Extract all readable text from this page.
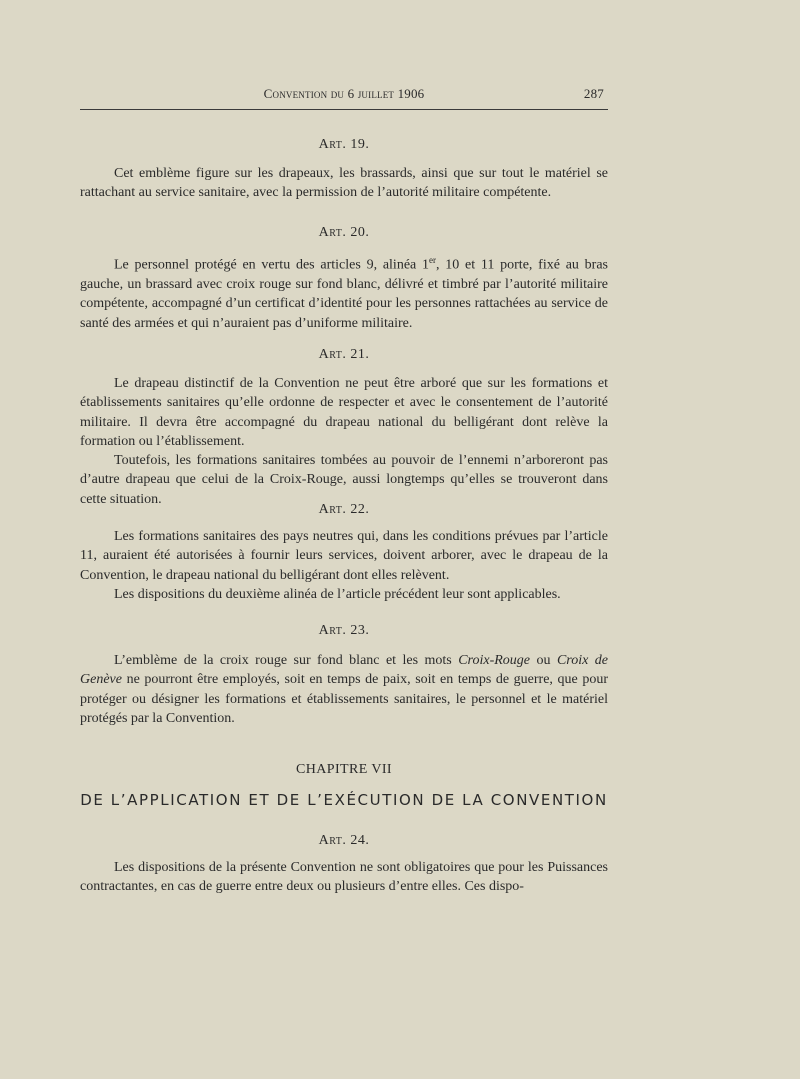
Convention du 6 juillet 1906	287
Art. 19.

Cet emblème figure sur les drapeaux, les brassards, ainsi que sur tout le matériel se rattachant au service sanitaire, avec la permission de l’autorité militaire compétente.

Art. 20.

Le personnel protégé en vertu des articles 9, alinéa 1er, 10 et 11 porte, fixé au bras gauche, un brassard avec croix rouge sur fond blanc, délivré et timbré par l’autorité militaire compétente, accompagné d’un certificat d’identité pour les personnes rattachées au service de santé des armées et qui n’auraient pas d’uniforme militaire.

Art. 21.

Le drapeau distinctif de la Convention ne peut être arboré que sur les formations et établissements sanitaires qu’elle ordonne de respecter et avec le consentement de l’autorité militaire. Il devra être accompagné du drapeau national du belligérant dont relève la formation ou l’établissement.

Toutefois, les formations sanitaires tombées au pouvoir de l’ennemi n’arboreront pas d’autre drapeau que celui de la Croix-Rouge, aussi longtemps qu’elles se trouveront dans cette situation.

Art. 22.

Les formations sanitaires des pays neutres qui, dans les conditions prévues par l’article 11, auraient été autorisées à fournir leurs services, doivent arborer, avec le drapeau de la Convention, le drapeau national du belligérant dont elles relèvent.

Les dispositions du deuxième alinéa de l’article précédent leur sont applicables.

Art. 23.

L’emblème de la croix rouge sur fond blanc et les mots Croix-Rouge ou Croix de Genève ne pourront être employés, soit en temps de paix, soit en temps de guerre, que pour protéger ou désigner les formations et établissements sanitaires, le personnel et le matériel protégés par la Convention.

CHAPITRE VII
DE L’APPLICATION ET DE L’EXÉCUTION DE LA CONVENTION
Art. 24.

Les dispositions de la présente Convention ne sont obligatoires que pour les Puissances contractantes, en cas de guerre entre deux ou plusieurs d’entre elles. Ces dispo-
